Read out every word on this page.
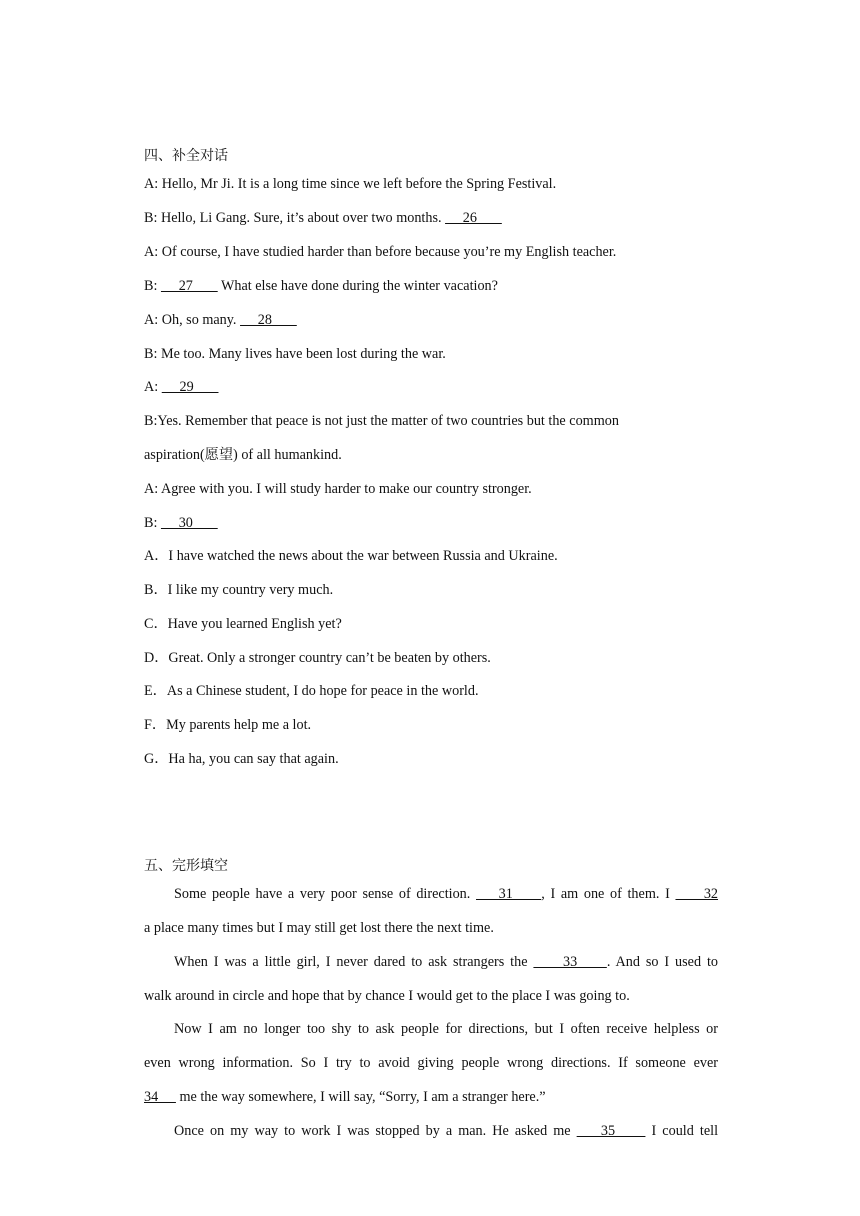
四、补全对话
A: Hello, Mr Ji. It is a long time since we left before the Spring Festival.
B: Hello, Li Gang. Sure, it’s about over two months.      26
A: Of course, I have studied harder than before because you’re my English teacher.
B:      27        What else have done during the winter vacation?
A: Oh, so many.      28
B: Me too. Many lives have been lost during the war.
A:      29
B:Yes. Remember that peace is not just the matter of two countries but the common
aspiration(愿望) of all humankind.
A: Agree with you. I will study harder to make our country stronger.
B:      30
A．I have watched the news about the war between Russia and Ukraine.
B．I like my country very much.
C．Have you learned English yet?
D．Great. Only a stronger country can’t be beaten by others.
E．As a Chinese student, I do hope for peace in the world.
F．My parents help me a lot.
G．Ha ha, you can say that again.
五、完形填空
Some people have a very poor sense of direction.     31     , I am one of them. I      32
a place many times but I may still get lost there the next time.
When I was a little girl, I never dared to ask strangers the      33     . And so I used to
walk around in circle and hope that by chance I would get to the place I was going to.
Now I am no longer too shy to ask people for directions, but I often receive helpless or
even wrong information. So I try to avoid giving people wrong directions. If someone ever
34      me the way somewhere, I will say, “Sorry, I am a stranger here.”
Once on my way to work I was stopped by a man. He asked me     35      I could tell
